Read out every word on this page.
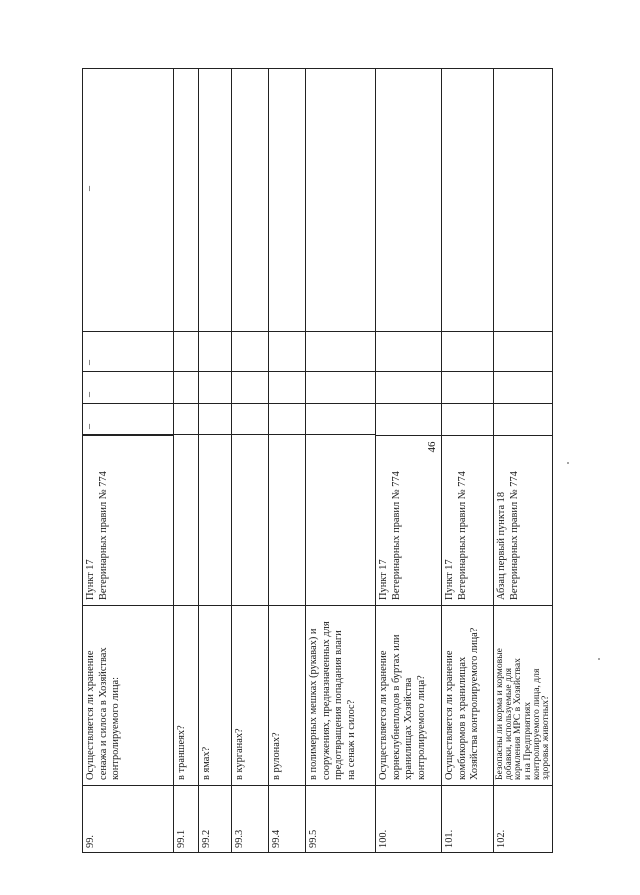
46
99.
Осуществляется ли хранение сенажа и силоса в Хозяйствах контролируемого лица:
Пункт 17 Ветеринарных правил № 774
–
–
–
–
99.1
в траншеях?
99.2
в ямах?
99.3
в курганах?
99.4
в рулонах?
99.5
в полимерных мешках (рукавах) и сооружениях, предназначенных для предотвращения попадания влаги на сенаж и силос?
100.
Осуществляется ли хранение корнеклубнеплодов в буртах или хранилищах Хозяйства контролируемого лица?
Пункт 17 Ветеринарных правил № 774
101.
Осуществляется ли хранение комбикормов в хранилищах Хозяйства контролируемого лица?
Пункт 17 Ветеринарных правил № 774
102.
Безопасны ли корма и кормовые
добавки, используемые для
кормления МРС в Хозяйствах
и на Предприятиях
контролируемого лица, для
здоровья животных?
Абзац первый пункта 18 Ветеринарных правил № 774
